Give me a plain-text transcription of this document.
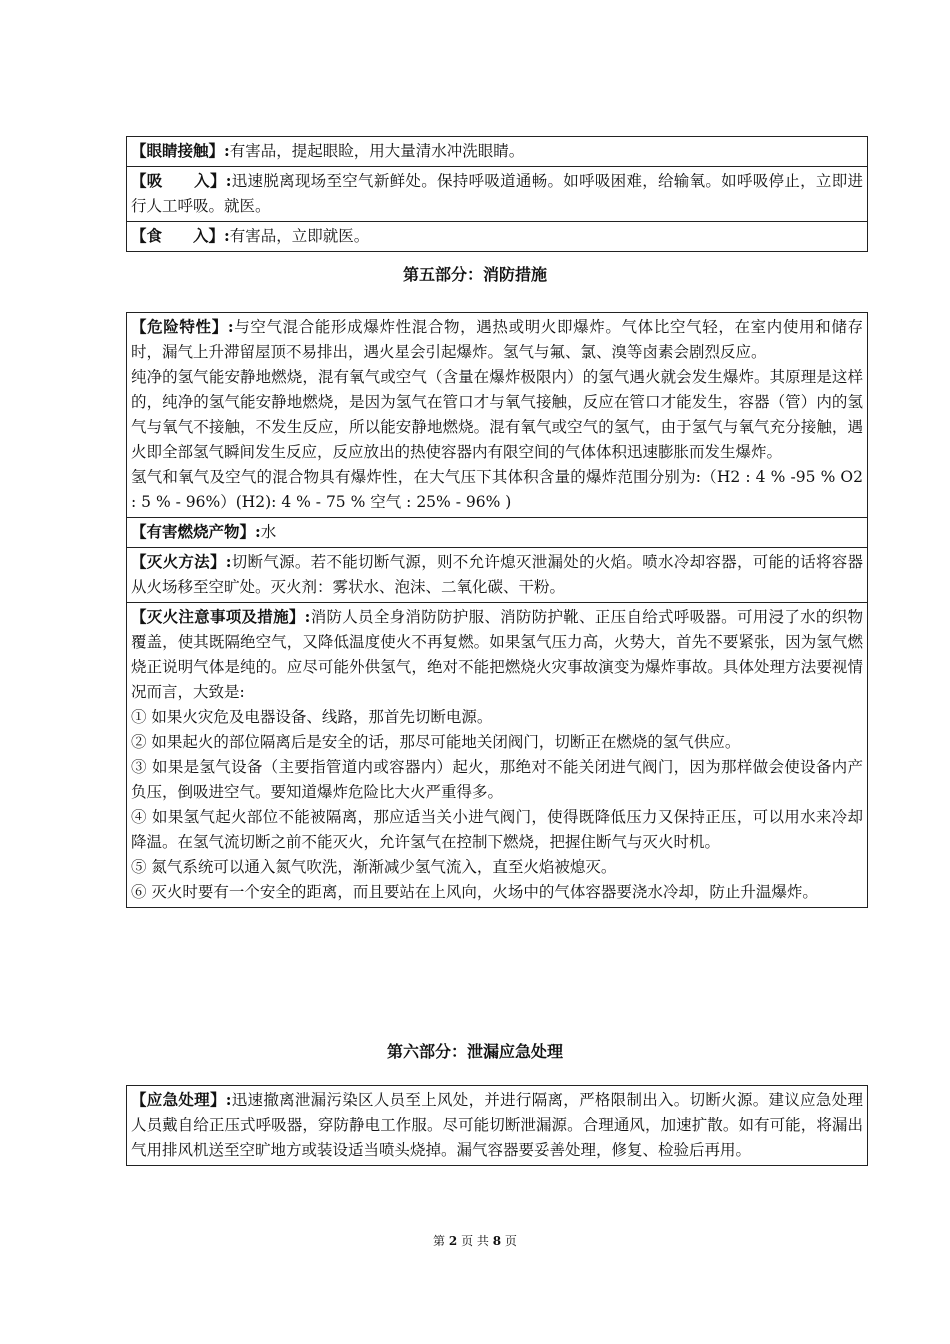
【眼睛接触】:有害品，提起眼睑，用大量清水冲洗眼睛。
【吸　　入】:迅速脱离现场至空气新鲜处。保持呼吸道通畅。如呼吸困难，给输氧。如呼吸停止，立即进行人工呼吸。就医。
【食　　入】:有害品，立即就医。
第五部分：消防措施

【危险特性】:与空气混合能形成爆炸性混合物，遇热或明火即爆炸。气体比空气轻，在室内使用和储存时，漏气上升滞留屋顶不易排出，遇火星会引起爆炸。氢气与氟、氯、溴等卤素会剧烈反应。

纯净的氢气能安静地燃烧，混有氧气或空气（含量在爆炸极限内）的氢气遇火就会发生爆炸。其原理是这样的，纯净的氢气能安静地燃烧，是因为氢气在管口才与氧气接触，反应在管口才能发生，容器（管）内的氢气与氧气不接触，不发生反应，所以能安静地燃烧。混有氧气或空气的氢气，由于氢气与氧气充分接触，遇火即全部氢气瞬间发生反应，反应放出的热使容器内有限空间的气体体积迅速膨胀而发生爆炸。

氢气和氧气及空气的混合物具有爆炸性，在大气压下其体积含量的爆炸范围分别为:（H2 : 4 % -95 % O2 : 5 % - 96%）(H2): 4 % - 75 % 空气 : 25% - 96% )

【有害燃烧产物】:水
【灭火方法】:切断气源。若不能切断气源，则不允许熄灭泄漏处的火焰。喷水冷却容器，可能的话将容器从火场移至空旷处。灭火剂：雾状水、泡沫、二氧化碳、干粉。

【灭火注意事项及措施】:消防人员全身消防防护服、消防防护靴、正压自给式呼吸器。可用浸了水的织物覆盖，使其既隔绝空气，又降低温度使火不再复燃。如果氢气压力高，火势大，首先不要紧张，因为氢气燃烧正说明气体是纯的。应尽可能外供氢气，绝对不能把燃烧火灾事故演变为爆炸事故。具体处理方法要视情况而言，大致是:

① 如果火灾危及电器设备、线路，那首先切断电源。

② 如果起火的部位隔离后是安全的话，那尽可能地关闭阀门，切断正在燃烧的氢气供应。

③ 如果是氢气设备（主要指管道内或容器内）起火，那绝对不能关闭进气阀门，因为那样做会使设备内产负压，倒吸进空气。要知道爆炸危险比大火严重得多。

④ 如果氢气起火部位不能被隔离，那应适当关小进气阀门，使得既降低压力又保持正压，可以用水来冷却降温。在氢气流切断之前不能灭火，允许氢气在控制下燃烧，把握住断气与灭火时机。

⑤ 氮气系统可以通入氮气吹洗，渐渐减少氢气流入，直至火焰被熄灭。

⑥ 灭火时要有一个安全的距离，而且要站在上风向，火场中的气体容器要浇水冷却，防止升温爆炸。

第六部分：泄漏应急处理
【应急处理】:迅速撤离泄漏污染区人员至上风处，并进行隔离，严格限制出入。切断火源。建议应急处理人员戴自给正压式呼吸器，穿防静电工作服。尽可能切断泄漏源。合理通风，加速扩散。如有可能，将漏出气用排风机送至空旷地方或装设适当喷头烧掉。漏气容器要妥善处理，修复、检验后再用。
第 2 页 共 8 页
